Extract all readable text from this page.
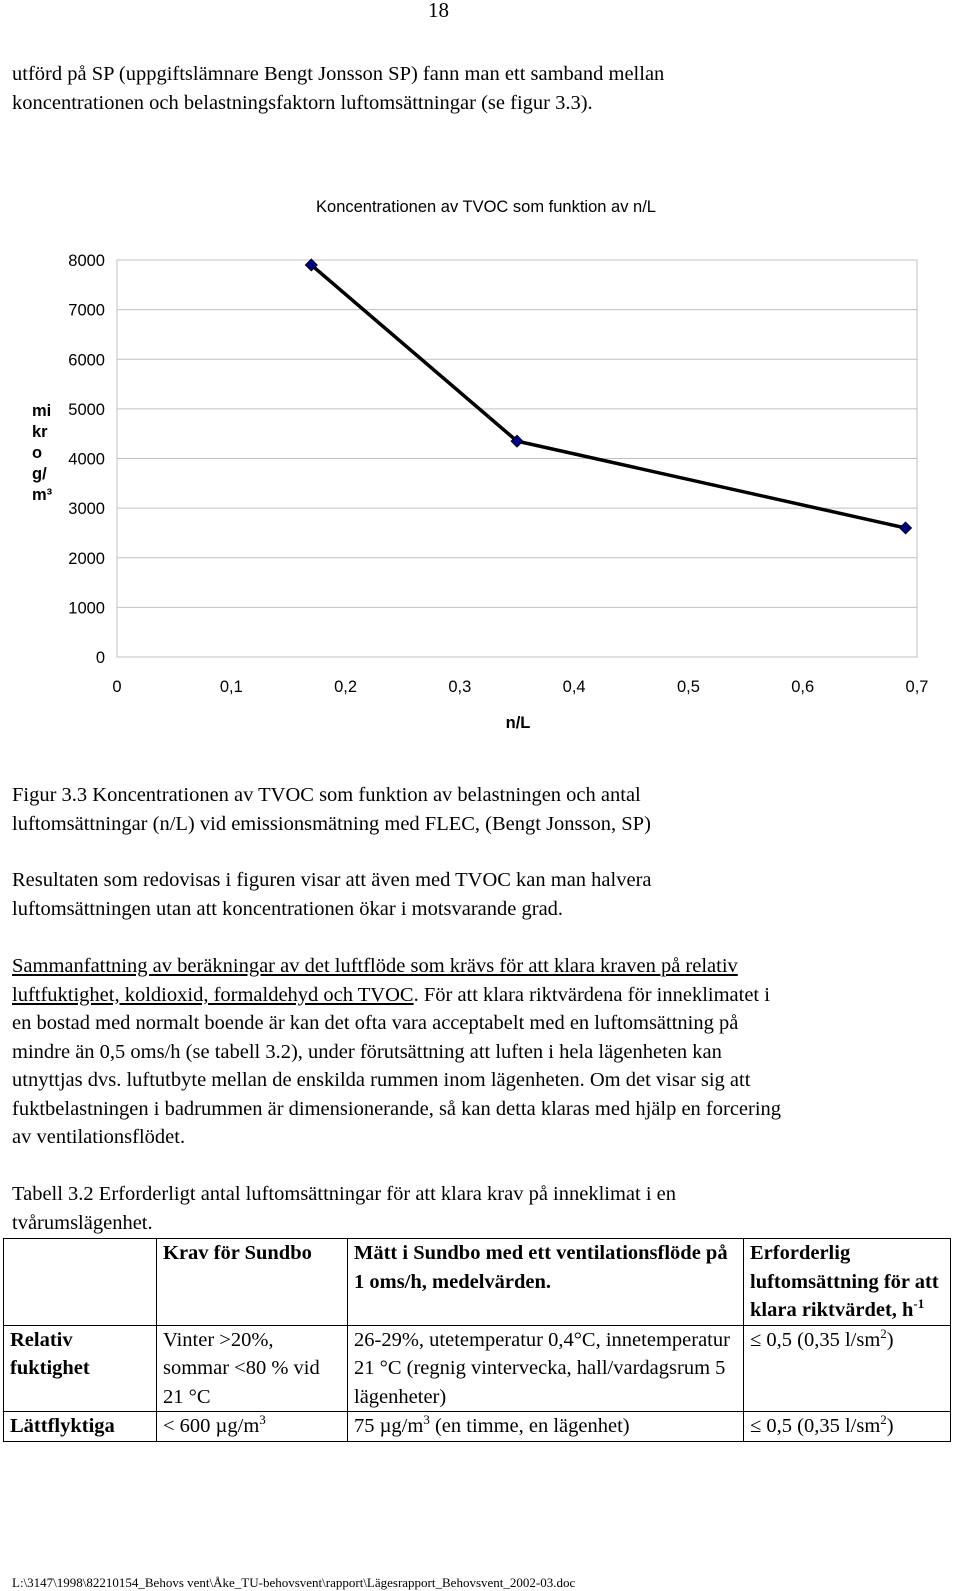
18

utförd på SP (uppgiftslämnare Bengt Jonsson SP) fann man ett samband mellan
koncentrationen och belastningsfaktorn luftomsättningar (se figur 3.3).

0
1000
2000
3000
4000
5000
6000
7000
8000
0	0,1	0,2	0,3	0,4	0,5	0,6	0,7
Koncentrationen av TVOC som funktion av n/L
n/L
mi
kr
o
g/
m³

Figur 3.3 Koncentrationen av TVOC som funktion av belastningen och antal
luftomsättningar (n/L) vid emissionsmätning med FLEC, (Bengt Jonsson, SP)

Resultaten som redovisas i figuren visar att även med TVOC kan man halvera
luftomsättningen utan att koncentrationen ökar i motsvarande grad.

Sammanfattning av beräkningar av det luftflöde som krävs för att klara kraven på relativ
luftfuktighet, koldioxid, formaldehyd och TVOC. För att klara riktvärdena för inneklimatet i
en bostad med normalt boende är kan det ofta vara acceptabelt med en luftomsättning på
mindre än 0,5 oms/h (se tabell 3.2), under förutsättning att luften i hela lägenheten kan
utnyttjas dvs. luftutbyte mellan de enskilda rummen inom lägenheten. Om det visar sig att
fuktbelastningen i badrummen är dimensionerande, så kan detta klaras med hjälp en forcering
av ventilationsflödet.

Tabell 3.2 Erforderligt antal luftomsättningar för att klara krav på inneklimat i en
tvårumslägenhet.

	Krav för Sundbo	Mätt i Sundbo med ett ventilationsflöde på 1 oms/h, medelvärden.	Erforderlig luftomsättning för att klara riktvärdet, $h^{-1}$
Relativ fuktighet	Vinter >20%, sommar <80 % vid 21 °C	26-29%, utetemperatur 0,4°C, innetemperatur 21 °C (regnig vintervecka, hall/vardagsrum 5 lägenheter)	≤ 0,5 (0,35 $l/sm^2$)
Lättflyktiga	< 600 $\mu g/m^3$	75 $\mu g/m^3$ (en timme, en lägenhet)	≤ 0,5 (0,35 $l/sm^2$)
L:\3147\1998\82210154_Behovs vent\Åke_TU-behovsvent\rapport\Lägesrapport_Behovsvent_2002-03.doc
